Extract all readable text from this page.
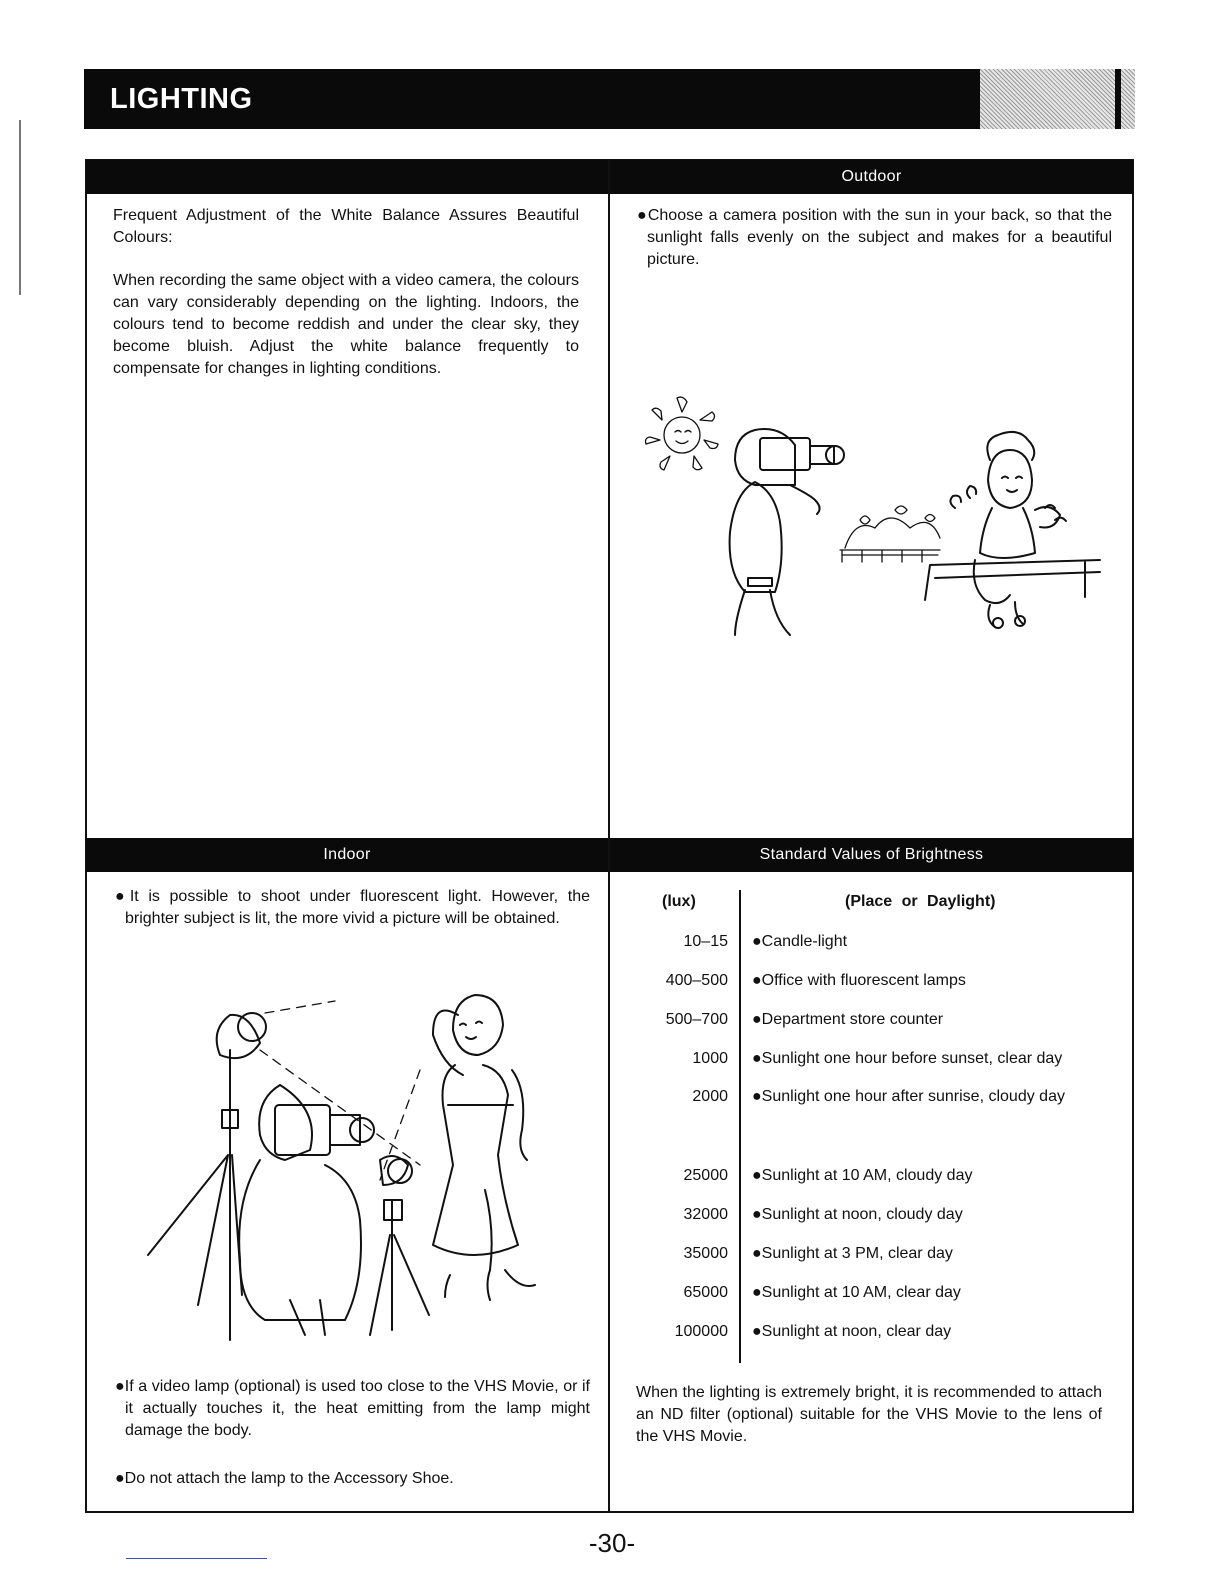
LIGHTING
Outdoor
Indoor	Standard Values of Brightness
Frequent Adjustment of the White Balance Assures Beautiful Colours:
When recording the same object with a video camera, the colours can vary considerably depending on the lighting. Indoors, the colours tend to become reddish and under the clear sky, they become bluish. Adjust the white balance frequently to compensate for changes in lighting conditions.
●Choose a camera position with the sun in your back, so that the sunlight falls evenly on the subject and makes for a beautiful picture.
●It is possible to shoot under fluorescent light. However, the brighter subject is lit, the more vivid a picture will be obtained.
●If a video lamp (optional) is used too close to the VHS Movie, or if it actually touches it, the heat emitting from the lamp might damage the body.
●Do not attach the lamp to the Accessory Shoe.
(lux)	(Place or Daylight)
10–15 ●Candle-light
400–500 ●Office with fluorescent lamps
500–700 ●Department store counter
1000 ●Sunlight one hour before sunset, clear day
2000 ●Sunlight one hour after sunrise, cloudy day
25000 ●Sunlight at 10 AM, cloudy day
32000 ●Sunlight at noon, cloudy day
35000 ●Sunlight at 3 PM, clear day
65000 ●Sunlight at 10 AM, clear day
100000 ●Sunlight at noon, clear day
When the lighting is extremely bright, it is recommended to attach an ND filter (optional) suitable for the VHS Movie to the lens of the VHS Movie.
-30-
